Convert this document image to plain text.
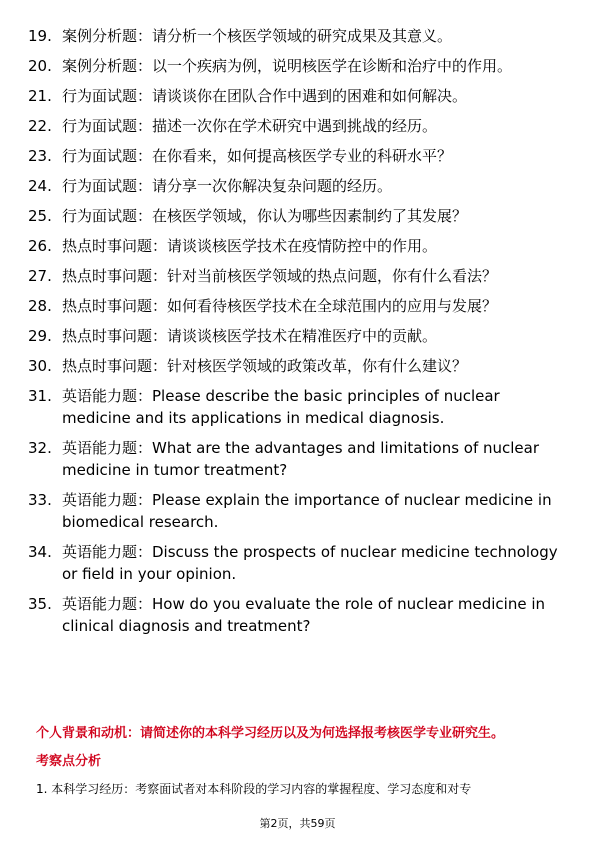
19. 案例分析题：请分析一个核医学领域的研究成果及其意义。
20. 案例分析题：以一个疾病为例，说明核医学在诊断和治疗中的作用。
21. 行为面试题：请谈谈你在团队合作中遇到的困难和如何解决。
22. 行为面试题：描述一次你在学术研究中遇到挑战的经历。
23. 行为面试题：在你看来，如何提高核医学专业的科研水平？
24. 行为面试题：请分享一次你解决复杂问题的经历。
25. 行为面试题：在核医学领域，你认为哪些因素制约了其发展？
26. 热点时事问题：请谈谈核医学技术在疫情防控中的作用。
27. 热点时事问题：针对当前核医学领域的热点问题，你有什么看法？
28. 热点时事问题：如何看待核医学技术在全球范围内的应用与发展？
29. 热点时事问题：请谈谈核医学技术在精准医疗中的贡献。
30. 热点时事问题：针对核医学领域的政策改革，你有什么建议？
31. 英语能力题：Please describe the basic principles of nuclear medicine and its applications in medical diagnosis.
32. 英语能力题：What are the advantages and limitations of nuclear medicine in tumor treatment?
33. 英语能力题：Please explain the importance of nuclear medicine in biomedical research.
34. 英语能力题：Discuss the prospects of nuclear medicine technology or field in your opinion.
35. 英语能力题：How do you evaluate the role of nuclear medicine in clinical diagnosis and treatment?
个人背景和动机：请简述你的本科学习经历以及为何选择报考核医学专业研究生。
考察点分析
1. 本科学习经历：考察面试者对本科阶段的学习内容的掌握程度、学习态度和对专
第2页，共59页
